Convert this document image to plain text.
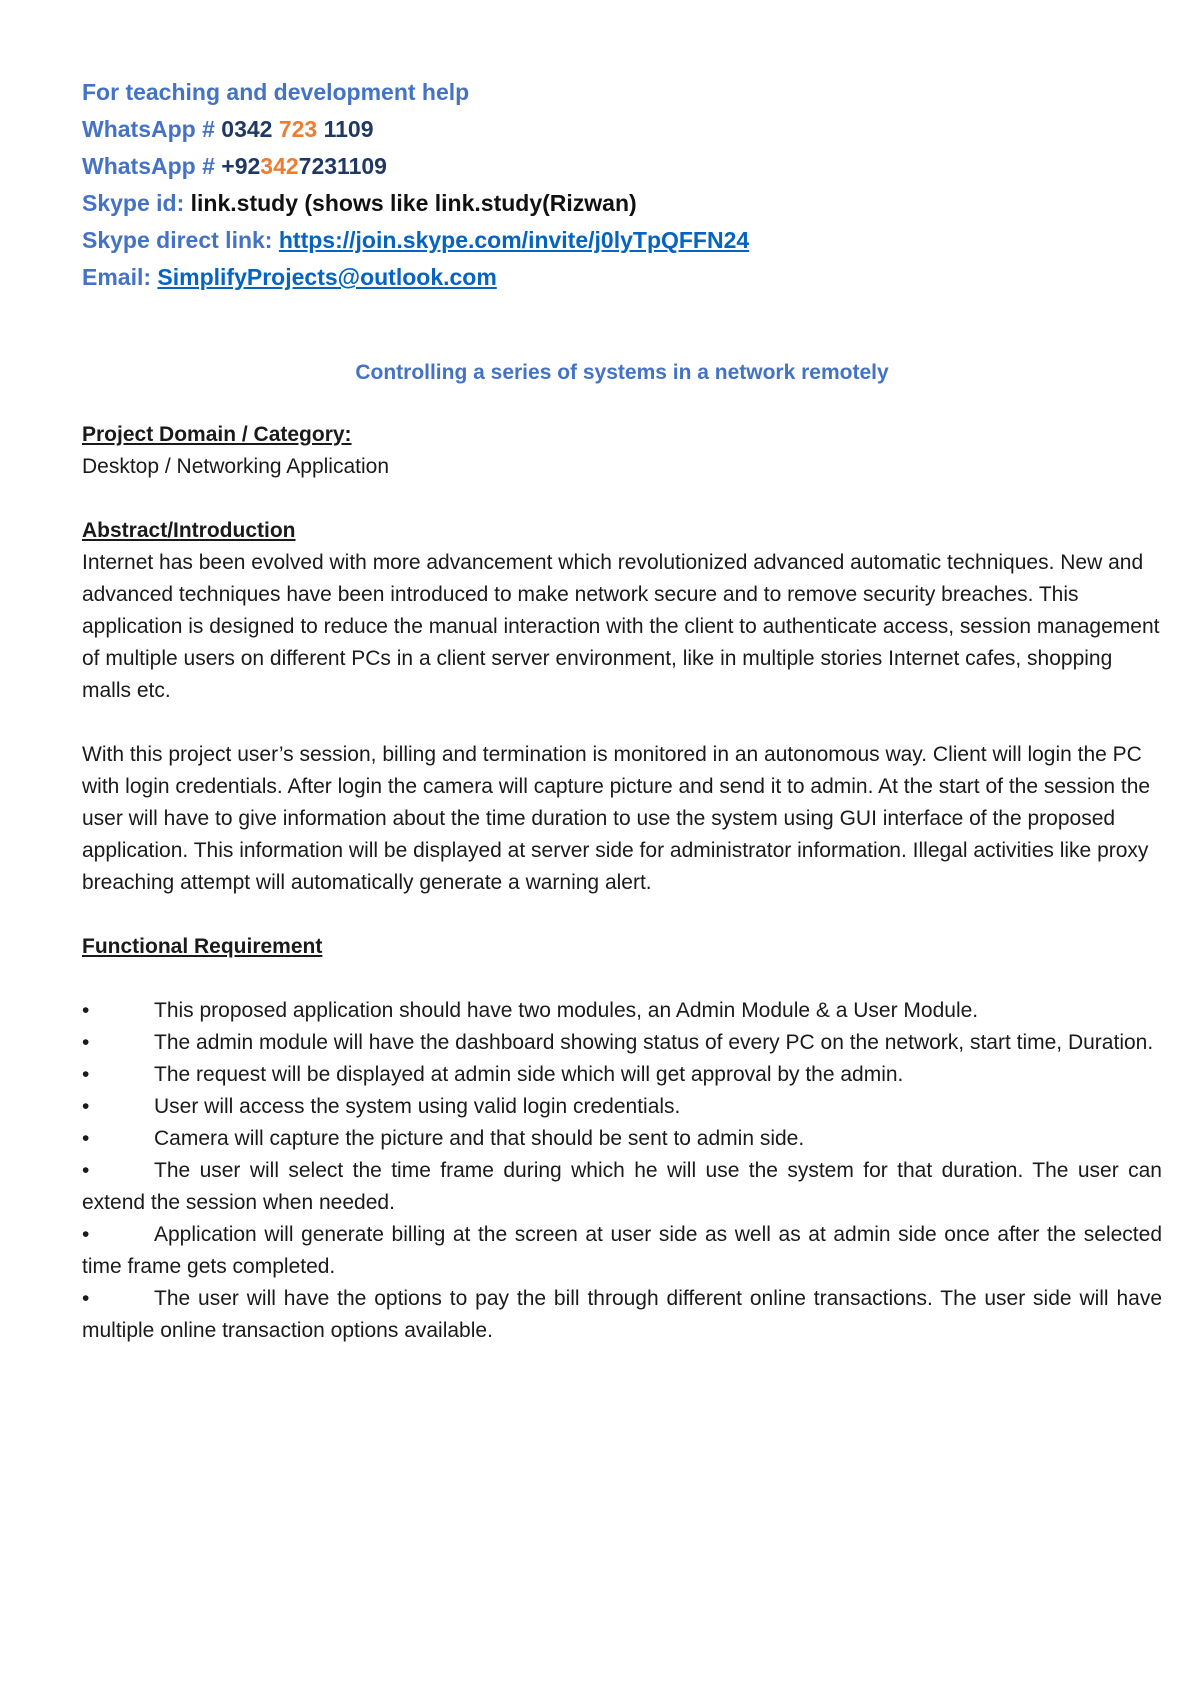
For teaching and development help
WhatsApp # 0342 723 1109
WhatsApp # +923427231109
Skype id: link.study (shows like link.study(Rizwan)
Skype direct link: https://join.skype.com/invite/j0lyTpQFFN24
Email: SimplifyProjects@outlook.com
Controlling a series of systems in a network remotely
Project Domain / Category:
Desktop / Networking Application
Abstract/Introduction
Internet has been evolved with more advancement which revolutionized advanced automatic techniques. New and advanced techniques have been introduced to make network secure and to remove security breaches. This application is designed to reduce the manual interaction with the client to authenticate access, session management of multiple users on different PCs in a client server environment, like in multiple stories Internet cafes, shopping malls etc.
With this project user’s session, billing and termination is monitored in an autonomous way. Client will login the PC with login credentials. After login the camera will capture picture and send it to admin. At the start of the session the user will have to give information about the time duration to use the system using GUI interface of the proposed application. This information will be displayed at server side for administrator information. Illegal activities like proxy breaching attempt will automatically generate a warning alert.
Functional Requirement
•	This proposed application should have two modules, an Admin Module & a User Module.
•	The admin module will have the dashboard showing status of every PC on the network, start time, Duration.
•	The request will be displayed at admin side which will get approval by the admin.
•	User will access the system using valid login credentials.
•	Camera will capture the picture and that should be sent to admin side.
•	The user will select the time frame during which he will use the system for that duration. The user can extend the session when needed.
•	Application will generate billing at the screen at user side as well as at admin side once after the selected time frame gets completed.
•	The user will have the options to pay the bill through different online transactions. The user side will have multiple online transaction options available.
